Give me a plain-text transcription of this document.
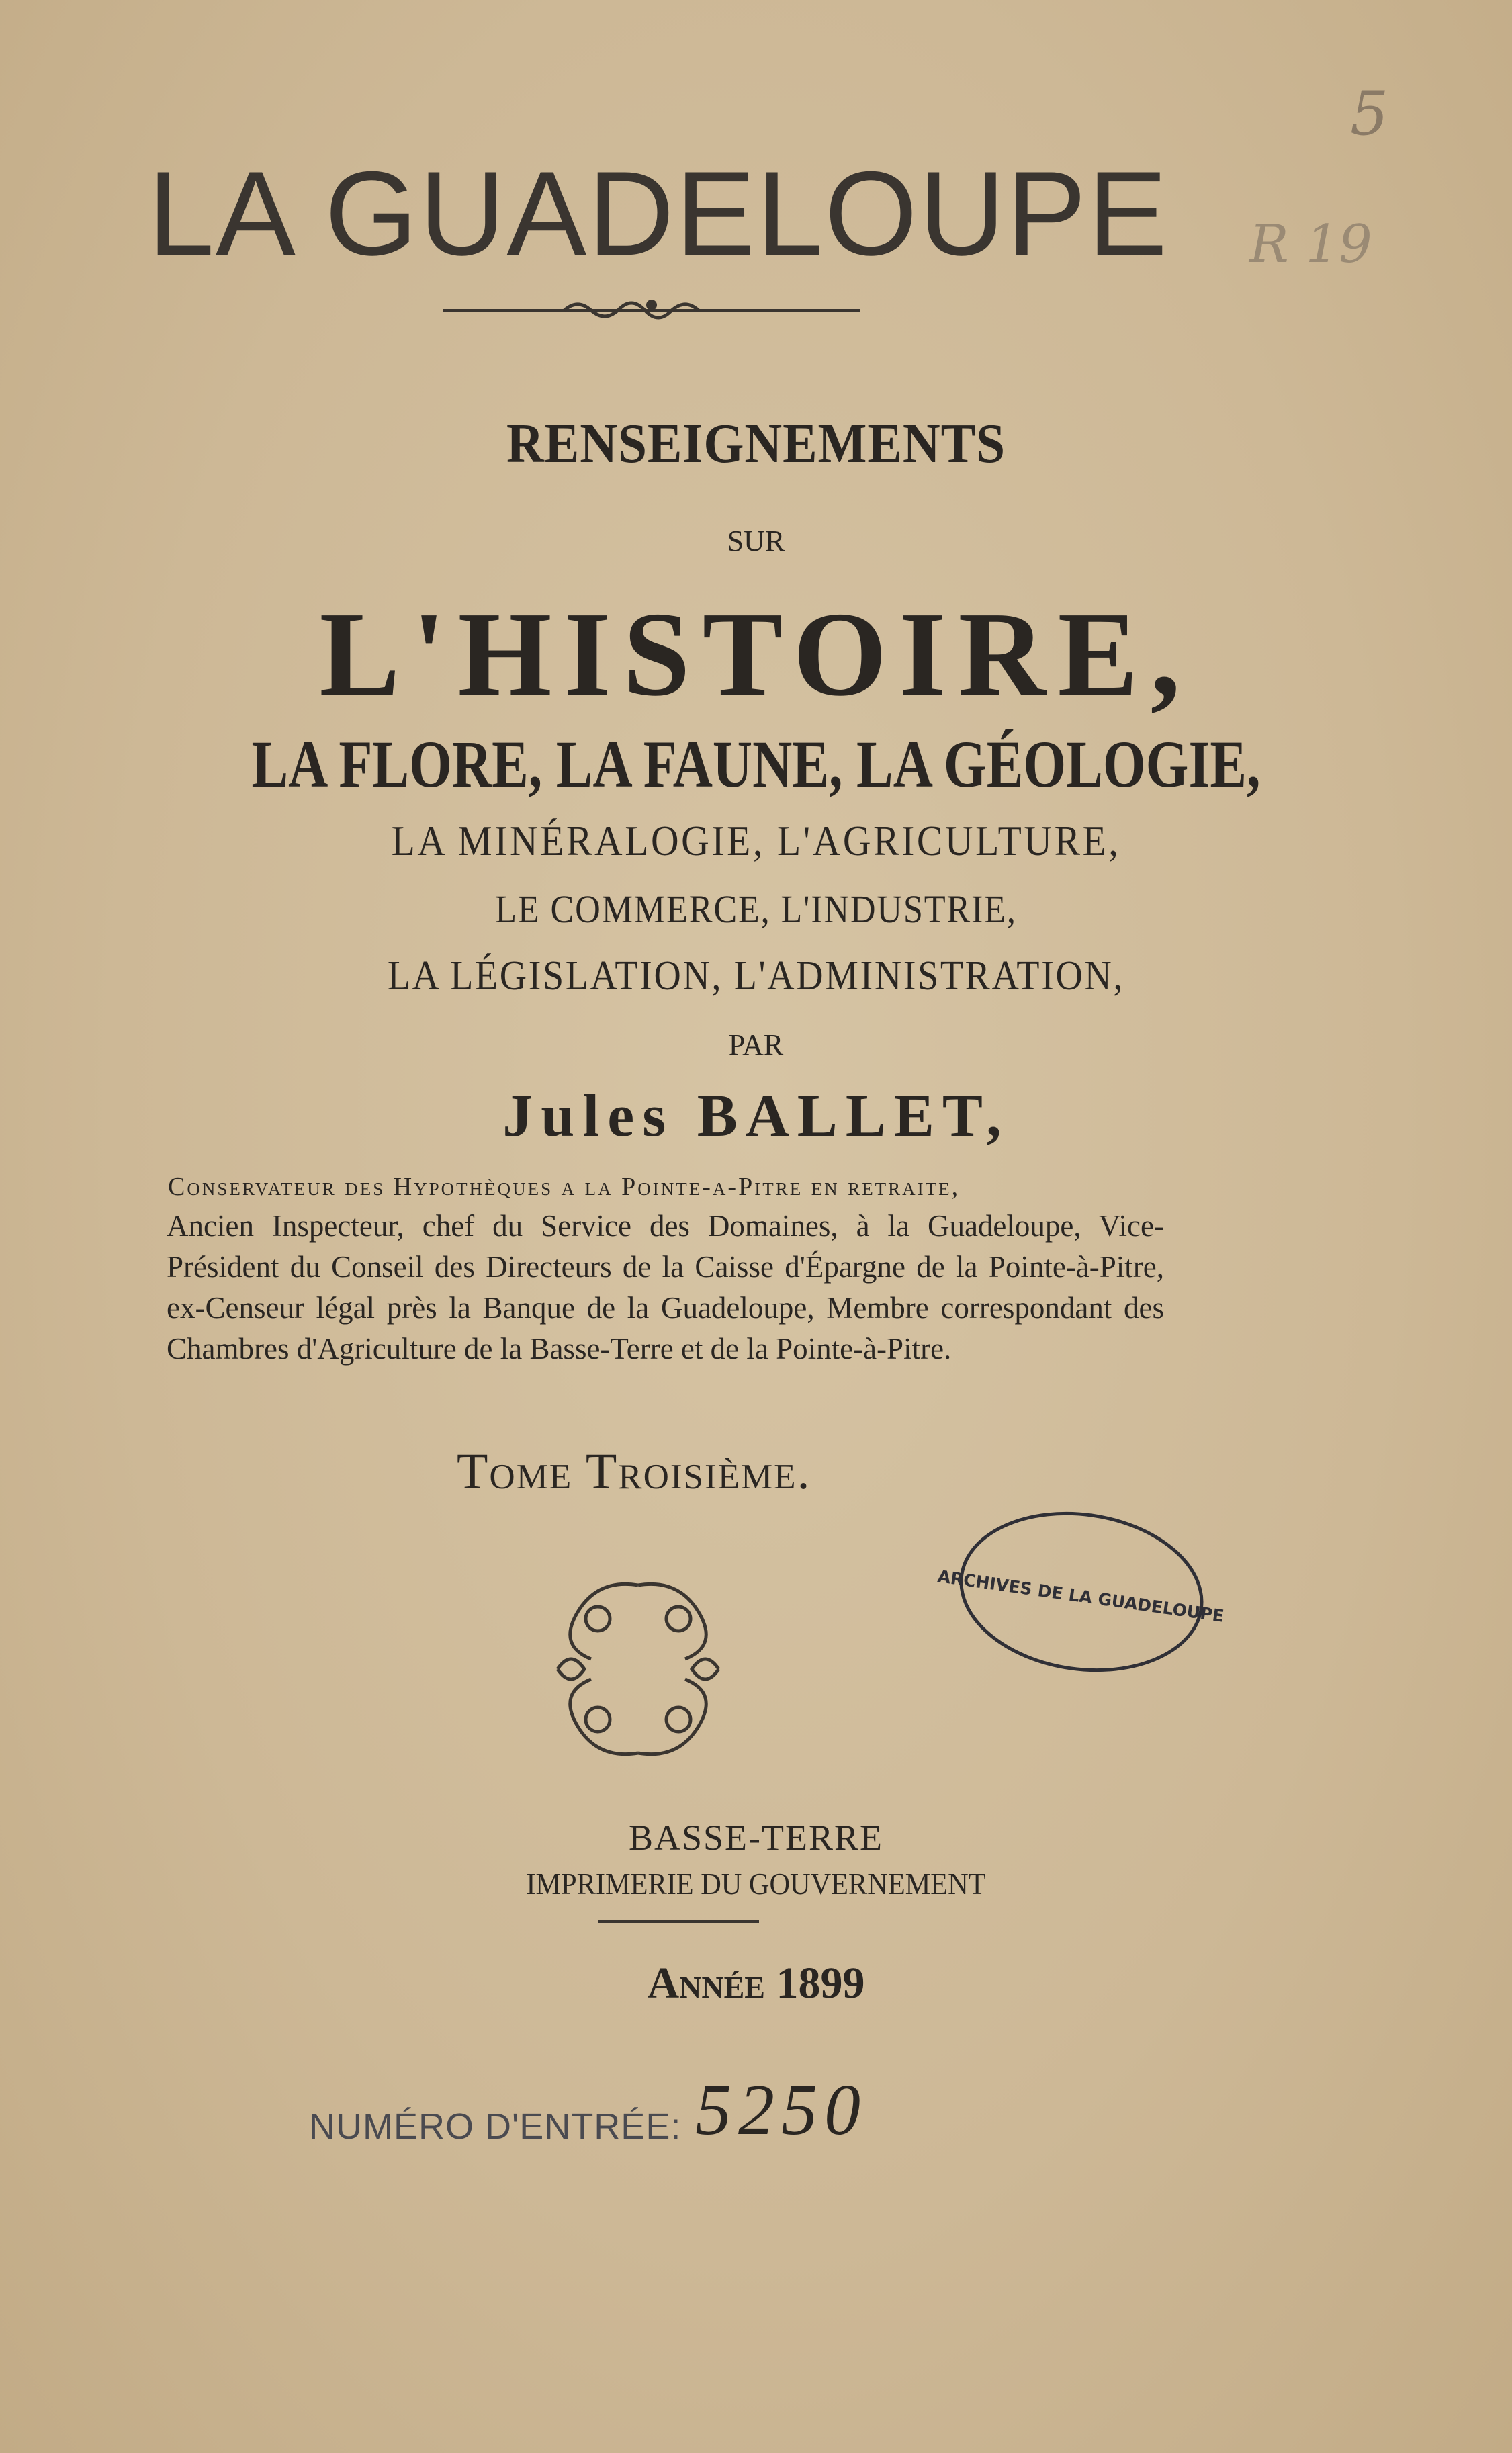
LA GUADELOUPE
5
R 19
RENSEIGNEMENTS
SUR
L'HISTOIRE,
LA FLORE, LA FAUNE, LA GÉOLOGIE,
LA MINÉRALOGIE, L'AGRICULTURE,
LE COMMERCE, L'INDUSTRIE,
LA LÉGISLATION, L'ADMINISTRATION,
PAR
Jules BALLET,
Conservateur des Hypothèques a la Pointe-a-Pitre en retraite,
Ancien Inspecteur, chef du Service des Domaines, à la Guadeloupe, Vice-Président du Conseil des Directeurs de la Caisse d'Épargne de la Pointe-à-Pitre, ex-Censeur légal près la Banque de la Guadeloupe, Membre correspondant des Chambres d'Agriculture de la Basse-Terre et de la Pointe-à-Pitre.
Tome Troisième.
ARCHIVES DE LA GUADELOUPE
BASSE-TERRE
IMPRIMERIE DU GOUVERNEMENT
Année 1899
NUMÉRO D'ENTRÉE: 5250
